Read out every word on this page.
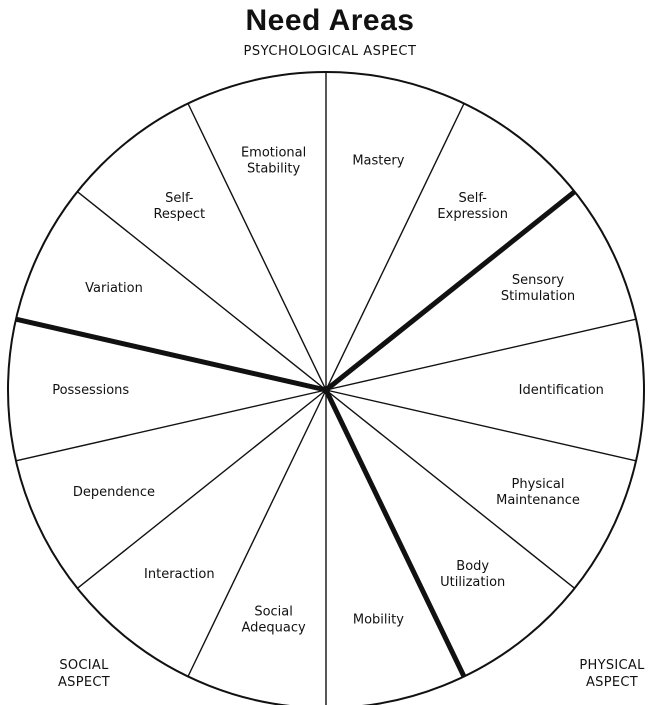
Need Areas
PSYCHOLOGICAL ASPECT
Mastery
Self-Expression
Sensory Stimulation
Identification
Physical Maintenance
Body Utilization
Mobility
Social Adequacy
Interaction
Dependence
Possessions
Variation
Self-Respect
Emotional Stability
SOCIAL
ASPECT
PHYSICAL
ASPECT
